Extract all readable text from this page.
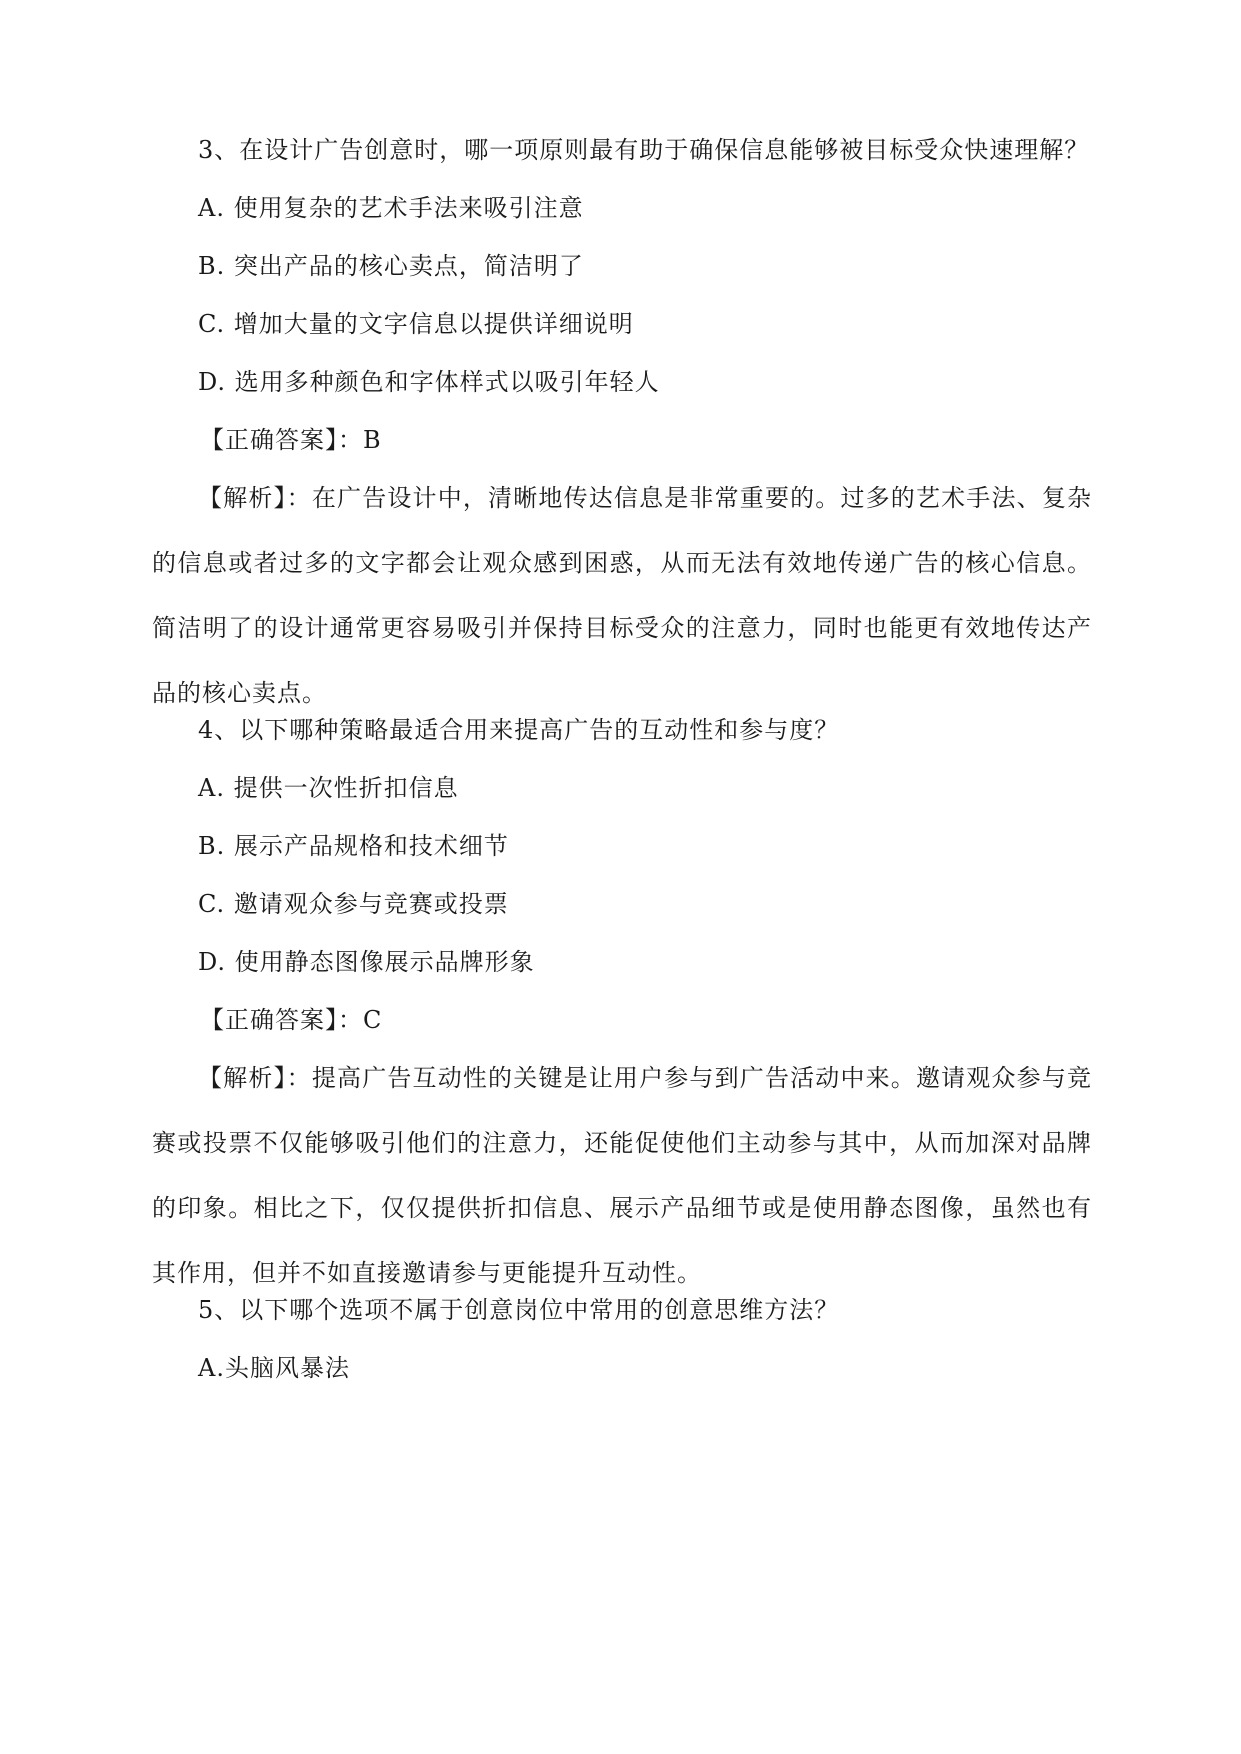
3、在设计广告创意时，哪一项原则最有助于确保信息能够被目标受众快速理解？
A. 使用复杂的艺术手法来吸引注意
B. 突出产品的核心卖点，简洁明了
C. 增加大量的文字信息以提供详细说明
D. 选用多种颜色和字体样式以吸引年轻人
【正确答案】：B
【解析】：在广告设计中，清晰地传达信息是非常重要的。过多的艺术手法、复杂的信息或者过多的文字都会让观众感到困惑，从而无法有效地传递广告的核心信息。简洁明了的设计通常更容易吸引并保持目标受众的注意力，同时也能更有效地传达产品的核心卖点。
4、以下哪种策略最适合用来提高广告的互动性和参与度？
A. 提供一次性折扣信息
B. 展示产品规格和技术细节
C. 邀请观众参与竞赛或投票
D. 使用静态图像展示品牌形象
【正确答案】：C
【解析】：提高广告互动性的关键是让用户参与到广告活动中来。邀请观众参与竞赛或投票不仅能够吸引他们的注意力，还能促使他们主动参与其中，从而加深对品牌的印象。相比之下，仅仅提供折扣信息、展示产品细节或是使用静态图像，虽然也有其作用，但并不如直接邀请参与更能提升互动性。
5、以下哪个选项不属于创意岗位中常用的创意思维方法？
A.头脑风暴法
